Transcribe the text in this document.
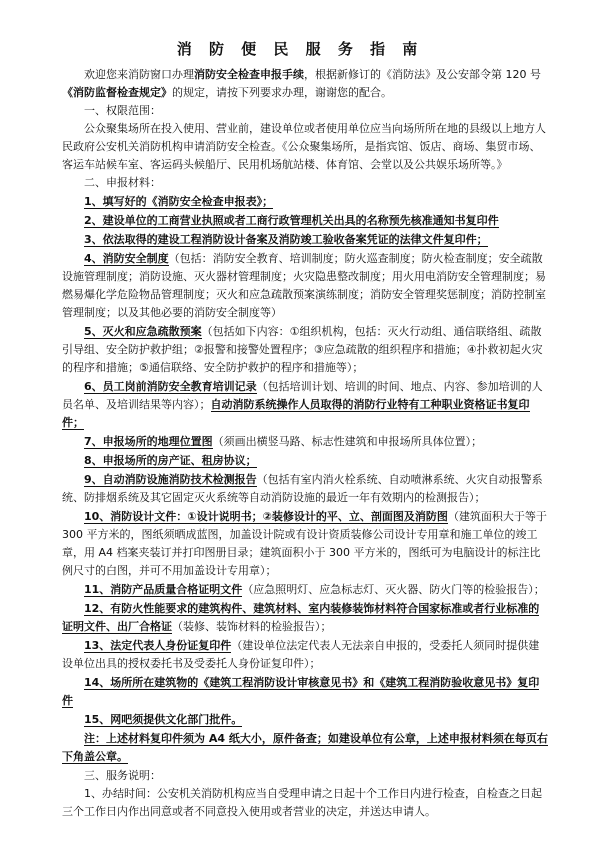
消 防 便 民 服 务 指 南

欢迎您来消防窗口办理消防安全检查申报手续，根据新修订的《消防法》及公安部令第 120 号《消防监督检查规定》的规定，请按下列要求办理，谢谢您的配合。

一、权限范围：

公众聚集场所在投入使用、营业前，建设单位或者使用单位应当向场所所在地的县级以上地方人民政府公安机关消防机构申请消防安全检查。《公众聚集场所，是指宾馆、饭店、商场、集贸市场、客运车站候车室、客运码头候船厅、民用机场航站楼、体育馆、会堂以及公共娱乐场所等。》

二、申报材料：

1、填写好的《消防安全检查申报表》；

2、建设单位的工商营业执照或者工商行政管理机关出具的名称预先核准通知书复印件

3、依法取得的建设工程消防设计备案及消防竣工验收备案凭证的法律文件复印件；

4、消防安全制度（包括：消防安全教育、培训制度；防火巡查制度；防火检查制度；安全疏散设施管理制度；消防设施、灭火器材管理制度；火灾隐患整改制度；用火用电消防安全管理制度；易燃易爆化学危险物品管理制度；灭火和应急疏散预案演练制度；消防安全管理奖惩制度；消防控制室管理制度；以及其他必要的消防安全制度等）

5、灭火和应急疏散预案（包括如下内容：①组织机构，包括：灭火行动组、通信联络组、疏散引导组、安全防护救护组；②报警和接警处置程序；③应急疏散的组织程序和措施；④扑救初起火灾的程序和措施；⑤通信联络、安全防护救护的程序和措施等）；

6、员工岗前消防安全教育培训记录（包括培训计划、培训的时间、地点、内容、参加培训的人员名单、及培训结果等内容）；自动消防系统操作人员取得的消防行业特有工种职业资格证书复印件；

7、申报场所的地理位置图（须画出横竖马路、标志性建筑和申报场所具体位置）；

8、申报场所的房产证、租房协议；

9、自动消防设施消防技术检测报告（包括有室内消火栓系统、自动喷淋系统、火灾自动报警系统、防排烟系统及其它固定灭火系统等自动消防设施的最近一年有效期内的检测报告）；

10、消防设计文件：①设计说明书；②装修设计的平、立、剖面图及消防图（建筑面积大于等于 300 平方米的，图纸须晒成蓝图，加盖设计院或有设计资质装修公司设计专用章和施工单位的竣工章，用 A4 档案夹装订并打印图册目录；建筑面积小于 300 平方米的，图纸可为电脑设计的标注比例尺寸的白图，并可不用加盖设计专用章）；

11、消防产品质量合格证明文件（应急照明灯、应急标志灯、灭火器、防火门等的检验报告）；

12、有防火性能要求的建筑构件、建筑材料、室内装修装饰材料符合国家标准或者行业标准的证明文件、出厂合格证（装修、装饰材料的检验报告）；

13、法定代表人身份证复印件（建设单位法定代表人无法亲自申报的，受委托人须同时提供建设单位出具的授权委托书及受委托人身份证复印件）；

14、场所所在建筑物的《建筑工程消防设计审核意见书》和《建筑工程消防验收意见书》复印件

15、网吧须提供文化部门批件。

注：上述材料复印件须为 A4 纸大小，原件备查；如建设单位有公章，上述申报材料须在每页右下角盖公章。

三、服务说明：

1、办结时间：公安机关消防机构应当自受理申请之日起十个工作日内进行检查，自检查之日起三个工作日内作出同意或者不同意投入使用或者营业的决定，并送达申请人。
